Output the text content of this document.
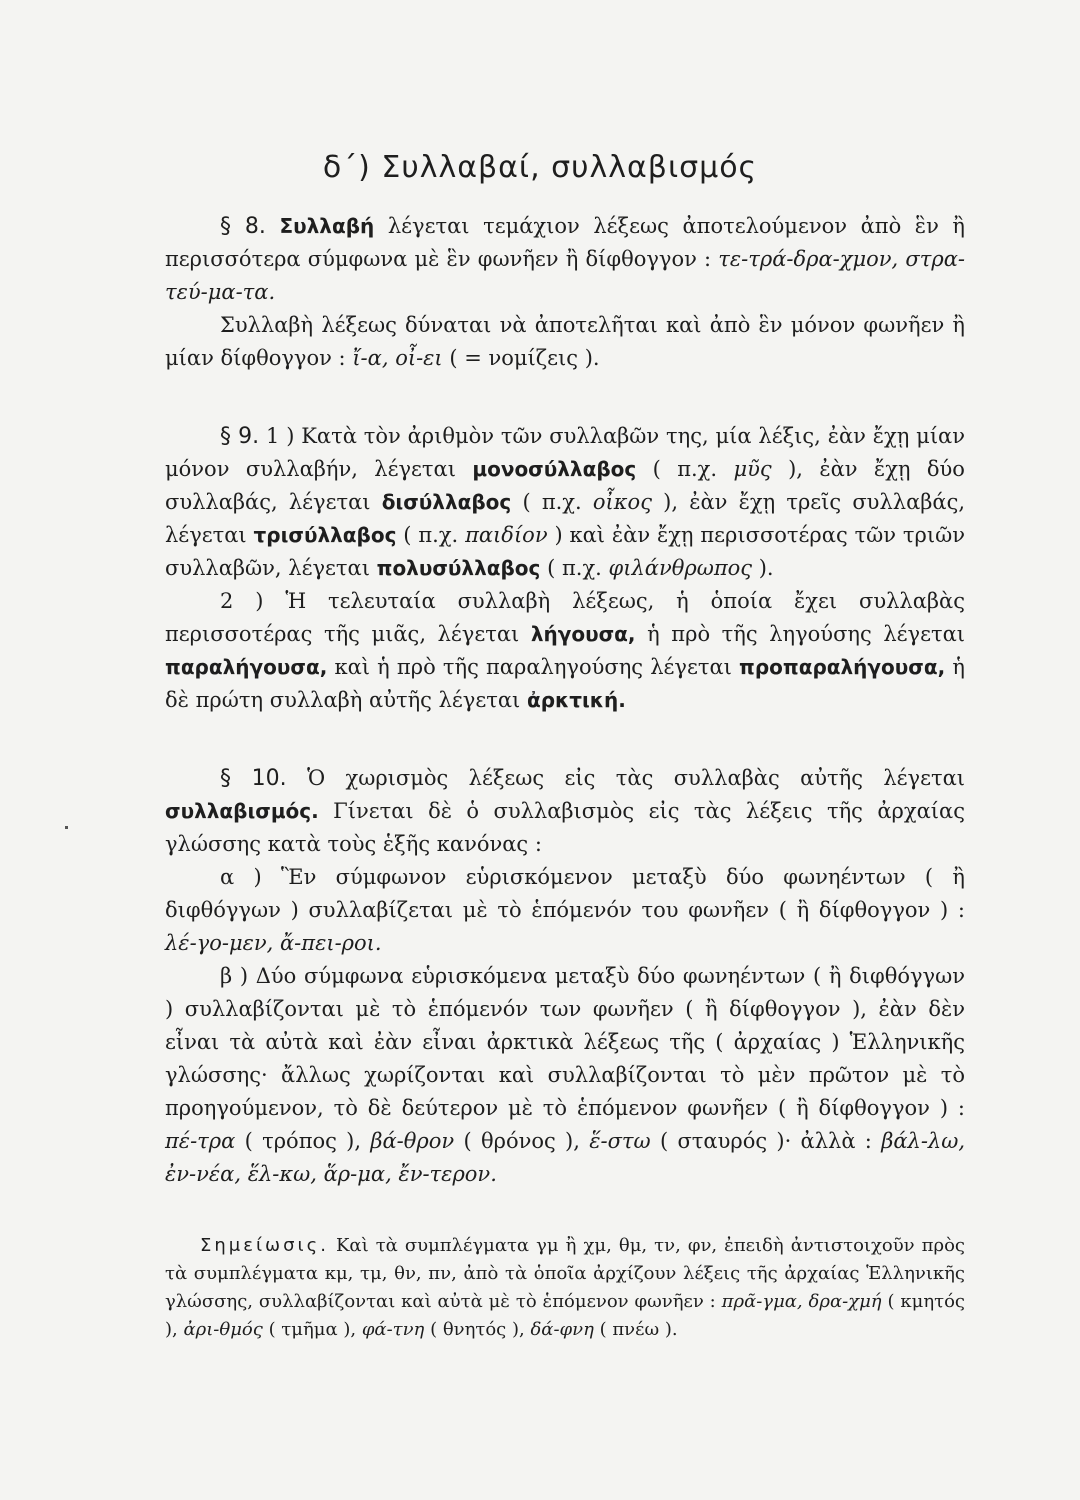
δ΄) Συλλαβαί, συλλαβισμός

§ 8. Συλλαβή λέγεται τεμάχιον λέξεως ἀποτελούμενον ἀπὸ ἓν ἢ περισσότερα σύμφωνα μὲ ἓν φωνῆεν ἢ δίφθογγον : τε-τρά-δρα-χμον, στρα-τεύ-μα-τα.

Συλλαβὴ λέξεως δύναται νὰ ἀποτελῆται καὶ ἀπὸ ἓν μόνον φωνῆεν ἢ μίαν δίφθογγον : ἴ-α, οἶ-ει ( = νομίζεις ).

§ 9. 1 ) Κατὰ τὸν ἀριθμὸν τῶν συλλαβῶν της, μία λέξις, ἐὰν ἔχῃ μίαν μόνον συλλαβήν, λέγεται μονοσύλλαβος ( π.χ. μῦς ), ἐὰν ἔχῃ δύο συλλαβάς, λέγεται δισύλλαβος ( π.χ. οἶκος ), ἐὰν ἔχῃ τρεῖς συλλαβάς, λέγεται τρισύλλαβος ( π.χ. παιδίον ) καὶ ἐὰν ἔχῃ περισσοτέρας τῶν τριῶν συλλαβῶν, λέγεται πολυσύλλαβος ( π.χ. φιλάνθρωπος ).

2 ) Ἡ τελευταία συλλαβὴ λέξεως, ἡ ὁποία ἔχει συλλαβὰς περισσοτέρας τῆς μιᾶς, λέγεται λήγουσα, ἡ πρὸ τῆς ληγούσης λέγεται παραλήγουσα, καὶ ἡ πρὸ τῆς παραληγούσης λέγεται προπαραλήγουσα, ἡ δὲ πρώτη συλλαβὴ αὐτῆς λέγεται ἀρκτική.

§ 10. Ὁ χωρισμὸς λέξεως εἰς τὰς συλλαβὰς αὐτῆς λέγεται συλλαβισμός. Γίνεται δὲ ὁ συλλαβισμὸς εἰς τὰς λέξεις τῆς ἀρχαίας γλώσσης κατὰ τοὺς ἑξῆς κανόνας :

α ) Ἓν σύμφωνον εὑρισκόμενον μεταξὺ δύο φωνηέντων ( ἢ διφθόγγων ) συλλαβίζεται μὲ τὸ ἑπόμενόν του φωνῆεν ( ἢ δίφθογγον ) : λέ-γο-μεν, ἄ-πει-ροι.

β ) Δύο σύμφωνα εὑρισκόμενα μεταξὺ δύο φωνηέντων ( ἢ διφθόγγων ) συλλαβίζονται μὲ τὸ ἑπόμενόν των φωνῆεν ( ἢ δίφθογγον ), ἐὰν δὲν εἶναι τὰ αὐτὰ καὶ ἐὰν εἶναι ἀρκτικὰ λέξεως τῆς ( ἀρχαίας ) Ἑλληνικῆς γλώσσης· ἄλλως χωρίζονται καὶ συλλαβίζονται τὸ μὲν πρῶτον μὲ τὸ προηγούμενον, τὸ δὲ δεύτερον μὲ τὸ ἑπόμενον φωνῆεν ( ἢ δίφθογγον ) : πέ-τρα ( τρόπος ), βά-θρον ( θρόνος ), ἕ-στω ( σταυρός )· ἀλλὰ : βάλ-λω, ἐν-νέα, ἕλ-κω, ἅρ-μα, ἔν-τερον.

Σημείωσις. Καὶ τὰ συμπλέγματα γμ ἢ χμ, θμ, τν, φν, ἐπειδὴ ἀντιστοιχοῦν πρὸς τὰ συμπλέγματα κμ, τμ, θν, πν, ἀπὸ τὰ ὁποῖα ἀρχίζουν λέξεις τῆς ἀρχαίας Ἑλληνικῆς γλώσσης, συλλαβίζονται καὶ αὐτὰ μὲ τὸ ἑπόμενον φωνῆεν : πρᾶ-γμα, δρα-χμή ( κμητός ), ἀρι-θμός ( τμῆμα ), φά-τνη ( θνητός ), δά-φνη ( πνέω ).
